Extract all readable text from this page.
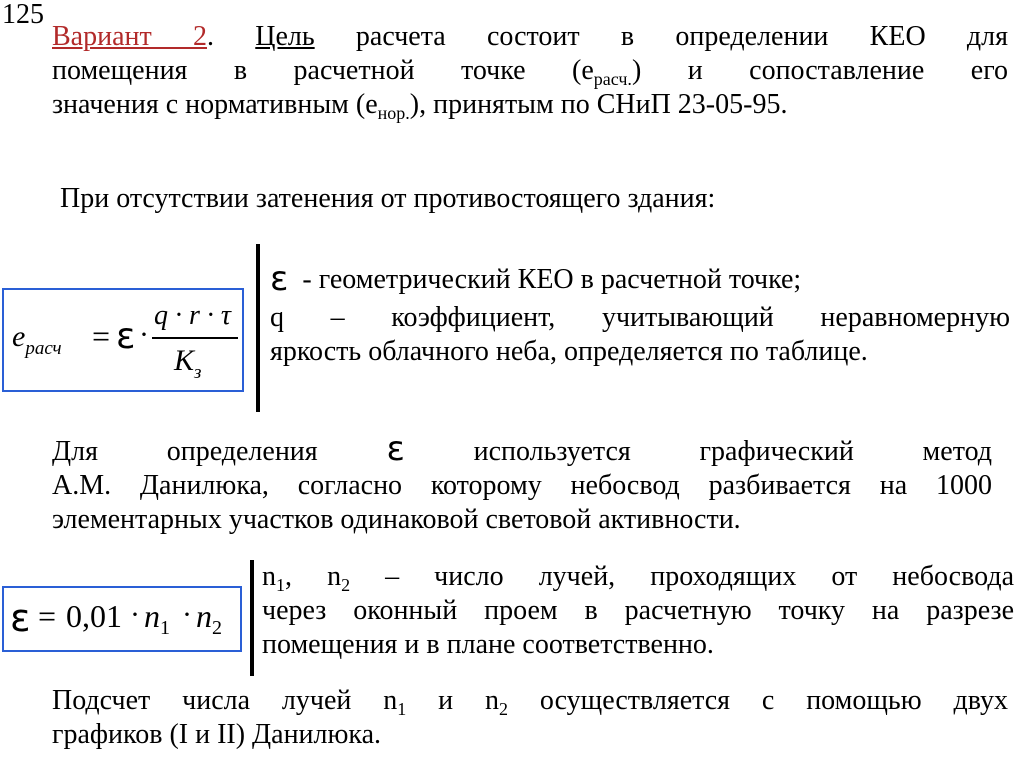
125
Вариант 2. Цель расчета состоит в определении КЕО для
помещения в расчетной точке $(е_{расч.})$ и сопоставление его
значения с нормативным $(е_{нор.})$, принятым по СНиП 23-05-95.
При отсутствии затенения от противостоящего здания:
$e_{расч} = \varepsilon$ ·
q · r · τ
$K_з$
ε - геометрический КЕО в расчетной точке;
q – коэффициент, учитывающий неравномерную
яркость облачного неба, определяется по таблице.
Для определения ε используется графический метод
А.М. Данилюка, согласно которому небосвод разбивается на 1000
элементарных участков одинаковой световой активности.
$\varepsilon = 0,01 \cdot n_1 \cdot n_2$
$n_1$, $n_2$ – число лучей, проходящих от небосвода
через оконный проем в расчетную точку на разрезе
помещения и в плане соответственно.
Подсчет числа лучей $n_1$ и $n_2$ осуществляется с помощью двух
графиков (I и II) Данилюка.
